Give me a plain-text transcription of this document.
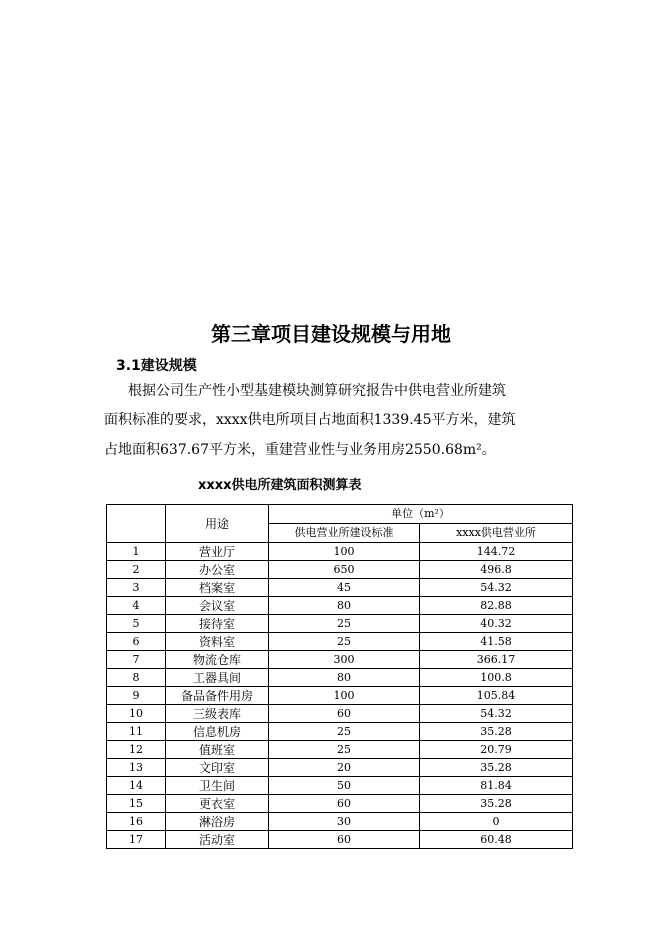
第三章项目建设规模与用地
3.1建设规模
根据公司生产性小型基建模块测算研究报告中供电营业所建筑
面积标准的要求，xxxx供电所项目占地面积1339.45平方米，建筑
占地面积637.67平方米，重建营业性与业务用房2550.68m²。
xxxx供电所建筑面积测算表
	用途	单位（m²）	
		供电营业所建设标准	xxxx供电营业所
1	营业厅	100	144.72
2	办公室	650	496.8
3	档案室	45	54.32
4	会议室	80	82.88
5	接待室	25	40.32
6	资料室	25	41.58
7	物流仓库	300	366.17
8	工器具间	80	100.8
9	备品备件用房	100	105.84
10	三级表库	60	54.32
11	信息机房	25	35.28
12	值班室	25	20.79
13	文印室	20	35.28
14	卫生间	50	81.84
15	更衣室	60	35.28
16	淋浴房	30	0
17	活动室	60	60.48
